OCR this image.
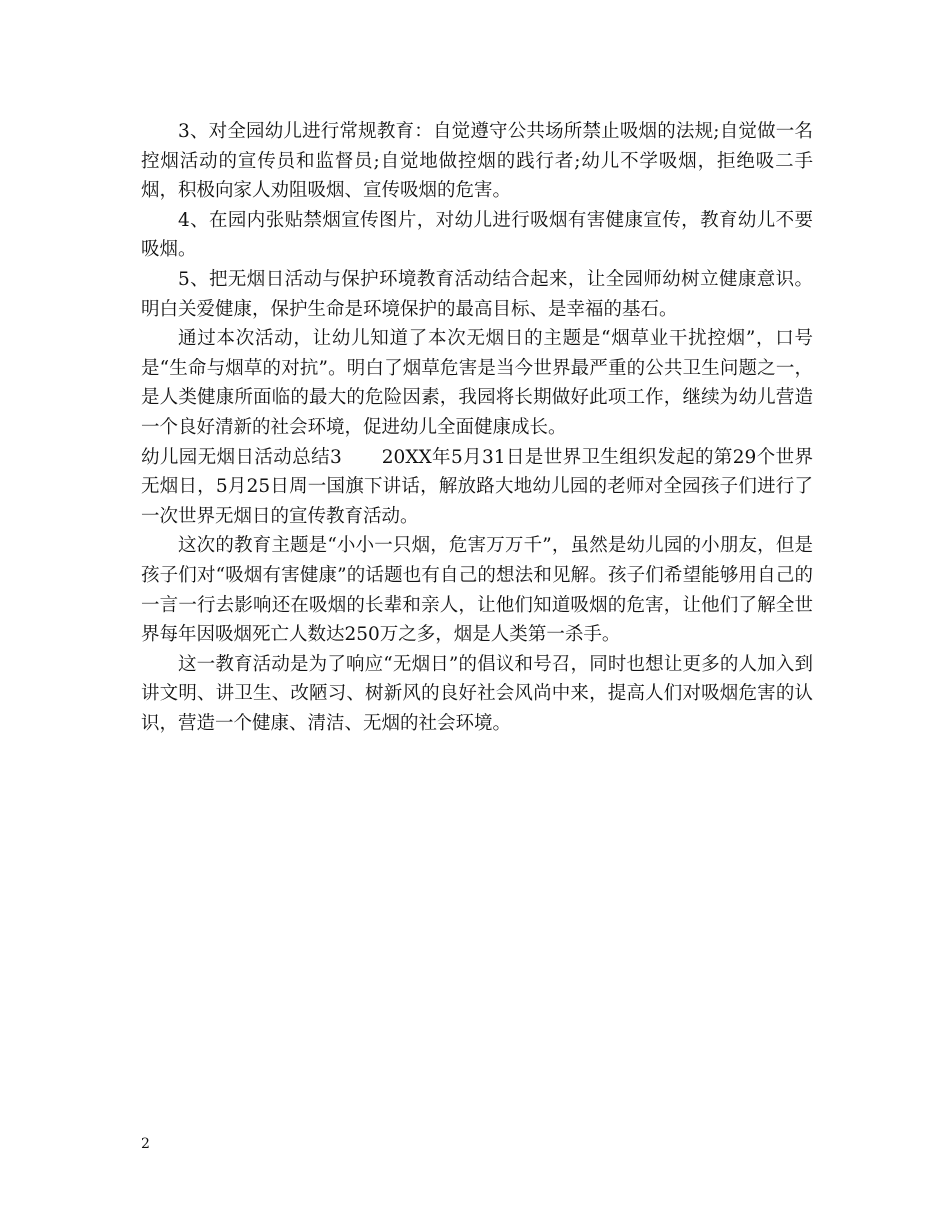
3、对全园幼儿进行常规教育：自觉遵守公共场所禁止吸烟的法规;自觉做一名控烟活动的宣传员和监督员;自觉地做控烟的践行者;幼儿不学吸烟，拒绝吸二手烟，积极向家人劝阻吸烟、宣传吸烟的危害。

4、在园内张贴禁烟宣传图片，对幼儿进行吸烟有害健康宣传，教育幼儿不要吸烟。

5、把无烟日活动与保护环境教育活动结合起来，让全园师幼树立健康意识。明白关爱健康，保护生命是环境保护的最高目标、是幸福的基石。

通过本次活动，让幼儿知道了本次无烟日的主题是“烟草业干扰控烟”，口号是“生命与烟草的对抗”。明白了烟草危害是当今世界最严重的公共卫生问题之一，是人类健康所面临的最大的危险因素，我园将长期做好此项工作，继续为幼儿营造一个良好清新的社会环境，促进幼儿全面健康成长。

幼儿园无烟日活动总结3 20XX年5月31日是世界卫生组织发起的第29个世界无烟日，5月25日周一国旗下讲话，解放路大地幼儿园的老师对全园孩子们进行了一次世界无烟日的宣传教育活动。

这次的教育主题是“小小一只烟，危害万万千”，虽然是幼儿园的小朋友，但是孩子们对“吸烟有害健康”的话题也有自己的想法和见解。孩子们希望能够用自己的一言一行去影响还在吸烟的长辈和亲人，让他们知道吸烟的危害，让他们了解全世界每年因吸烟死亡人数达250万之多，烟是人类第一杀手。

这一教育活动是为了响应“无烟日”的倡议和号召，同时也想让更多的人加入到讲文明、讲卫生、改陋习、树新风的良好社会风尚中来，提高人们对吸烟危害的认识，营造一个健康、清洁、无烟的社会环境。

2
